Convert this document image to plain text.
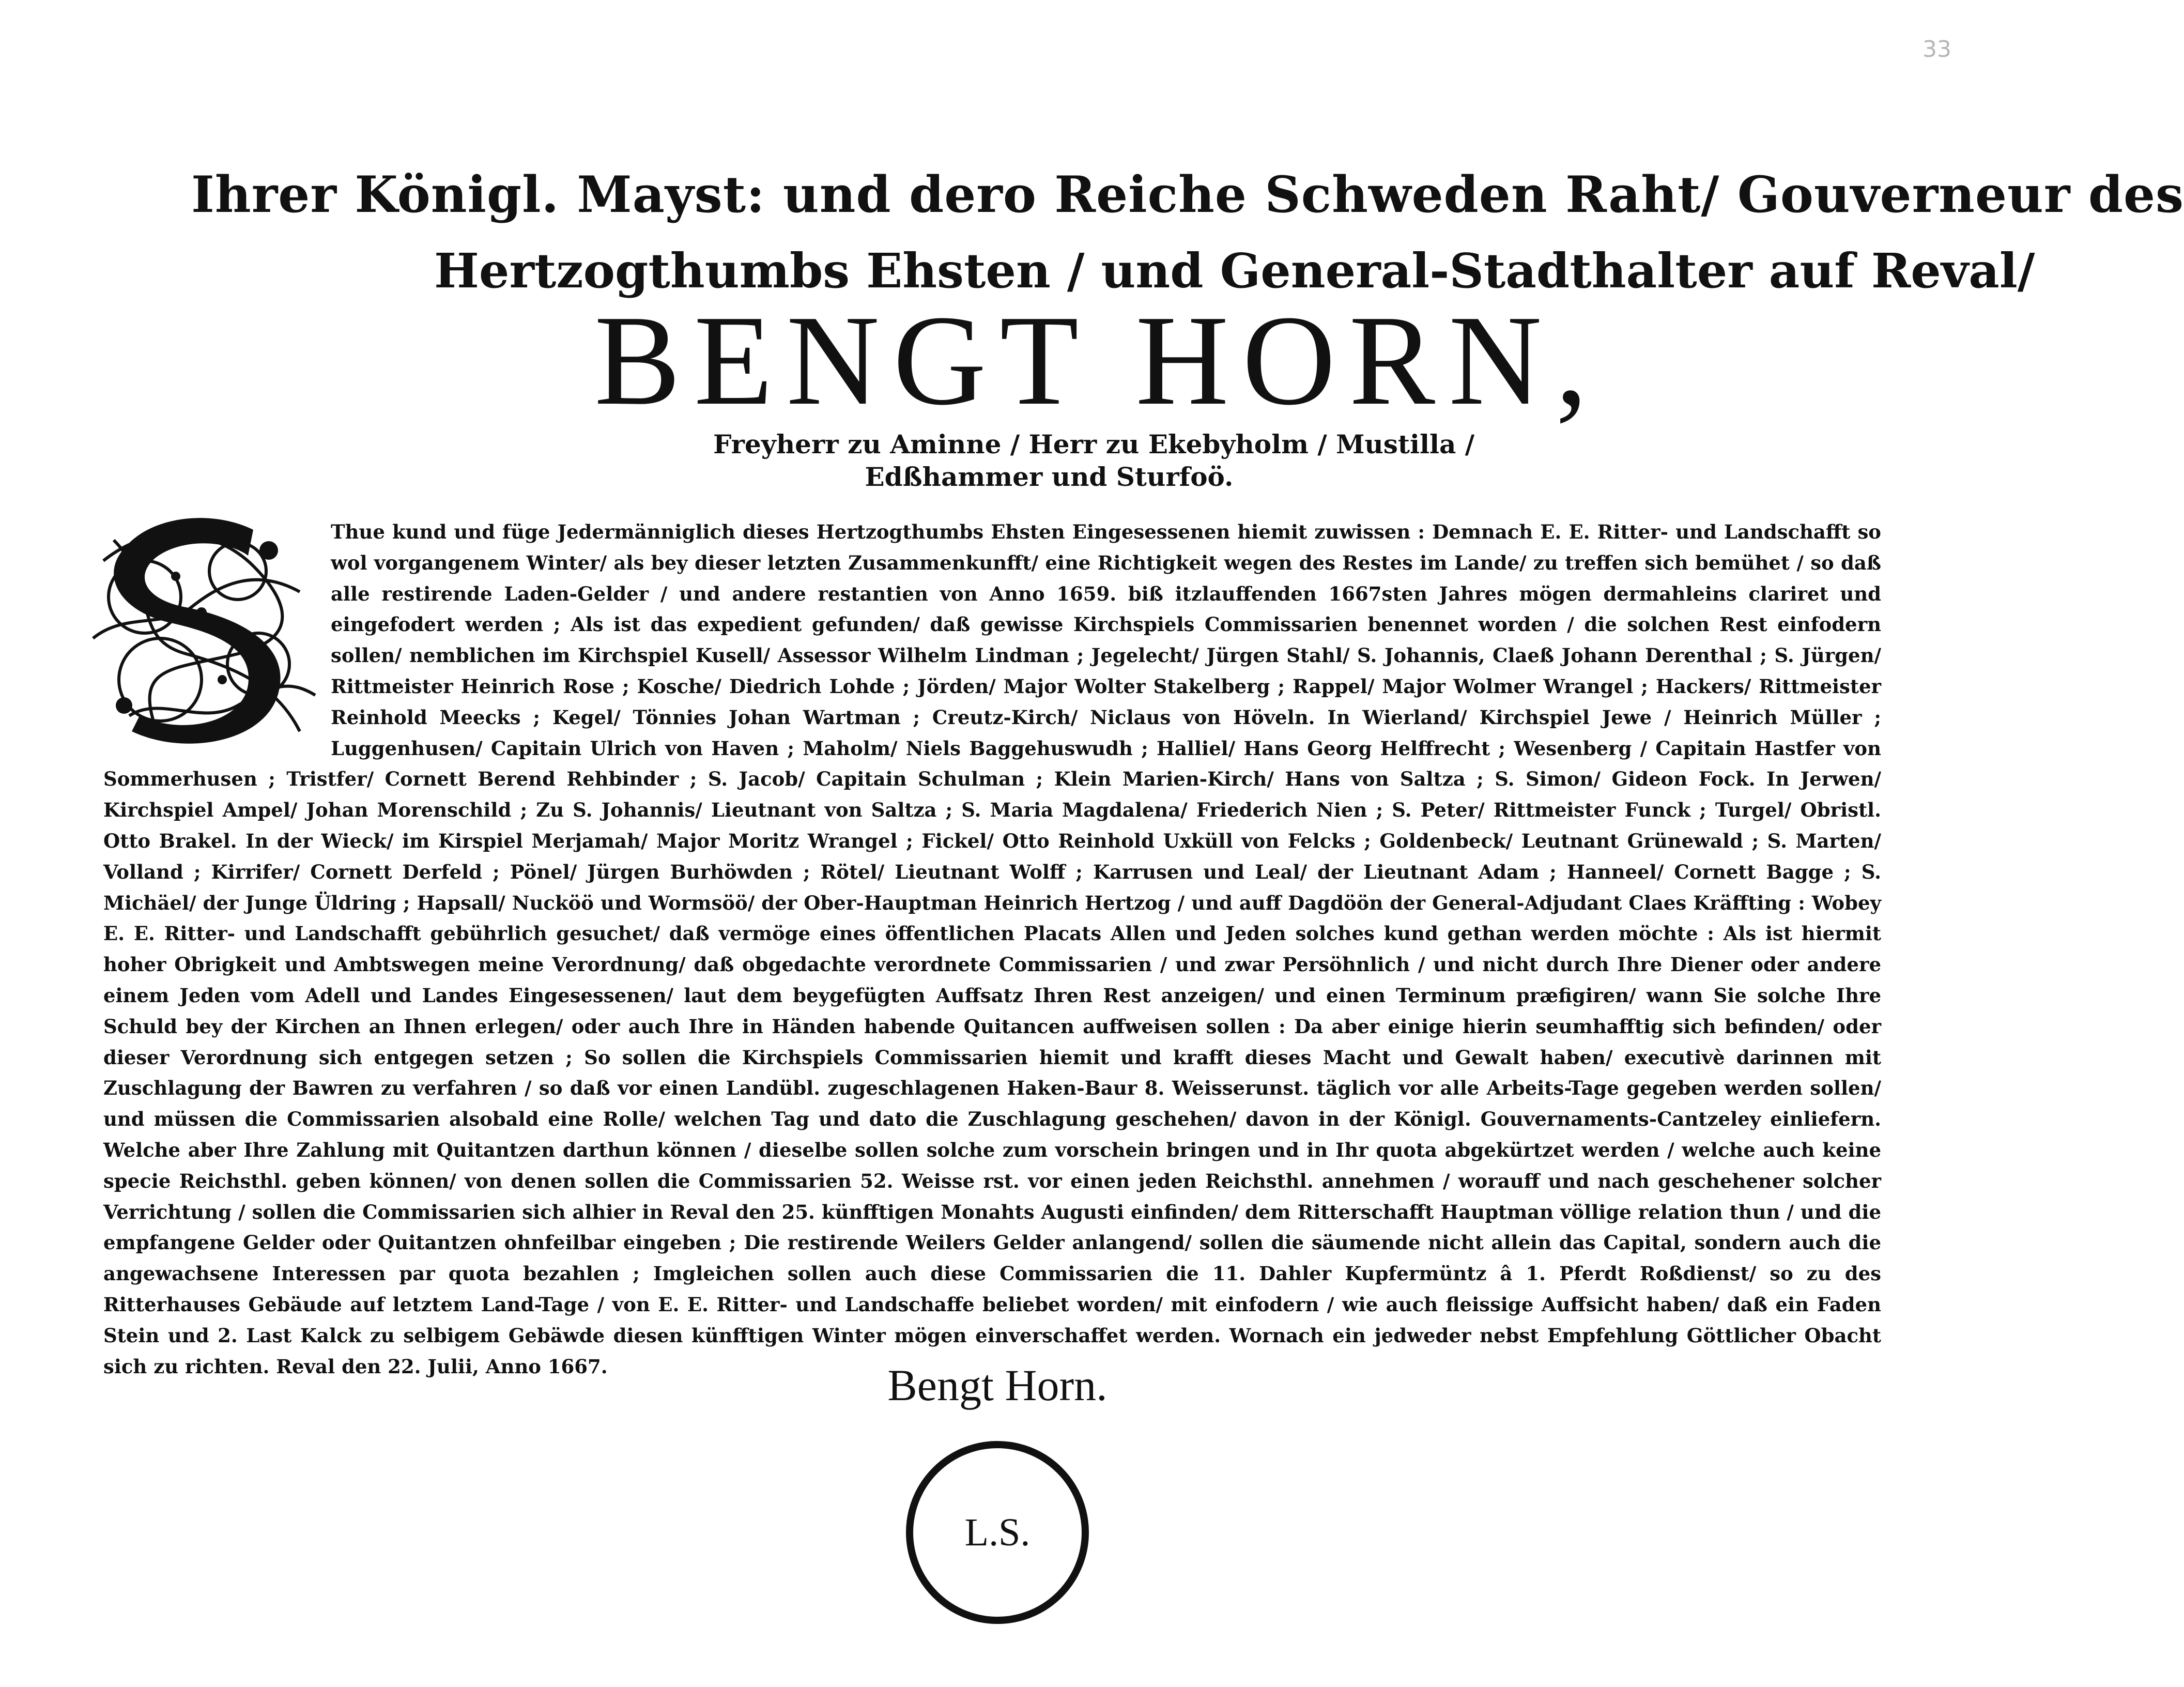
33
Ihrer Königl. Mayst: und dero Reiche Schweden Raht/ Gouverneur des
Hertzogthumbs Ehsten / und General-Stadthalter auf Reval/
BENGT HORN,
Freyherr zu Aminne / Herr zu Ekebyholm / Mustilla /
Edßhammer und Sturfoö.
Thue kund und füge Jedermänniglich dieses Hertzogthumbs Ehsten Eingesessenen hiemit zuwissen : Demnach E. E. Ritter- und Landschafft so wol vorgangenem Winter/ als bey dieser letzten Zusammenkunfft/ eine Richtigkeit wegen des Restes im Lande/ zu treffen sich bemühet / so daß alle restirende Laden-Gelder / und andere restantien von Anno 1659. biß itzlauffenden 1667sten Jahres mögen dermahleins clariret und eingefodert werden ; Als ist das expedient gefunden/ daß gewisse Kirchspiels Commissarien benennet worden / die solchen Rest einfodern sollen/ nemblichen im Kirchspiel Kusell/ Assessor Wilhelm Lindman ; Jegelecht/ Jürgen Stahl/ S. Johannis, Claeß Johann Derenthal ; S. Jürgen/ Rittmeister Heinrich Rose ; Kosche/ Diedrich Lohde ; Jörden/ Major Wolter Stakelberg ; Rappel/ Major Wolmer Wrangel ; Hackers/ Rittmeister Reinhold Meecks ; Kegel/ Tönnies Johan Wartman ; Creutz-Kirch/ Niclaus von Höveln. In Wierland/ Kirchspiel Jewe / Heinrich Müller ; Luggenhusen/ Capitain Ulrich von Haven ; Maholm/ Niels Baggehuswudh ; Halliel/ Hans Georg Helffrecht ; Wesenberg / Capitain Hastfer von Sommerhusen ; Tristfer/ Cornett Berend Rehbinder ; S. Jacob/ Capitain Schulman ; Klein Marien-Kirch/ Hans von Saltza ; S. Simon/ Gideon Fock. In Jerwen/ Kirchspiel Ampel/ Johan Morenschild ; Zu S. Johannis/ Lieutnant von Saltza ; S. Maria Magdalena/ Friederich Nien ; S. Peter/ Rittmeister Funck ; Turgel/ Obristl. Otto Brakel. In der Wieck/ im Kirspiel Merjamah/ Major Moritz Wrangel ; Fickel/ Otto Reinhold Uxküll von Felcks ; Goldenbeck/ Leutnant Grünewald ; S. Marten/ Volland ; Kirrifer/ Cornett Derfeld ; Pönel/ Jürgen Burhöwden ; Rötel/ Lieutnant Wolff ; Karrusen und Leal/ der Lieutnant Adam ; Hanneel/ Cornett Bagge ; S. Michäel/ der Junge Üldring ; Hapsall/ Nucköö und Wormsöö/ der Ober-Hauptman Heinrich Hertzog / und auff Dagdöön der General-Adjudant Claes Kräffting : Wobey E. E. Ritter- und Landschafft gebührlich gesuchet/ daß vermöge eines öffentlichen Placats Allen und Jeden solches kund gethan werden möchte : Als ist hiermit hoher Obrigkeit und Ambtswegen meine Verordnung/ daß obgedachte verordnete Commissarien / und zwar Persöhnlich / und nicht durch Ihre Diener oder andere einem Jeden vom Adell und Landes Eingesessenen/ laut dem beygefügten Auffsatz Ihren Rest anzeigen/ und einen Terminum præfigiren/ wann Sie solche Ihre Schuld bey der Kirchen an Ihnen erlegen/ oder auch Ihre in Händen habende Quitancen auffweisen sollen : Da aber einige hierin seumhafftig sich befinden/ oder dieser Verordnung sich entgegen setzen ; So sollen die Kirchspiels Commissarien hiemit und krafft dieses Macht und Gewalt haben/ executivè darinnen mit Zuschlagung der Bawren zu verfahren / so daß vor einen Landübl. zugeschlagenen Haken-Baur 8. Weisserunst. täglich vor alle Arbeits-Tage gegeben werden sollen/ und müssen die Commissarien alsobald eine Rolle/ welchen Tag und dato die Zuschlagung geschehen/ davon in der Königl. Gouvernaments-Cantzeley einliefern. Welche aber Ihre Zahlung mit Quitantzen darthun können / dieselbe sollen solche zum vorschein bringen und in Ihr quota abgekürtzet werden / welche auch keine specie Reichsthl. geben können/ von denen sollen die Commissarien 52. Weisse rst. vor einen jeden Reichsthl. annehmen / worauff und nach geschehener solcher Verrichtung / sollen die Commissarien sich alhier in Reval den 25. künfftigen Monahts Augusti einfinden/ dem Ritterschafft Hauptman völlige relation thun / und die empfangene Gelder oder Quitantzen ohnfeilbar eingeben ; Die restirende Weilers Gelder anlangend/ sollen die säumende nicht allein das Capital, sondern auch die angewachsene Interessen par quota bezahlen ; Imgleichen sollen auch diese Commissarien die 11. Dahler Kupfermüntz â 1. Pferdt Roßdienst/ so zu des Ritterhauses Gebäude auf letztem Land-Tage / von E. E. Ritter- und Landschaffe beliebet worden/ mit einfodern / wie auch fleissige Auffsicht haben/ daß ein Faden Stein und 2. Last Kalck zu selbigem Gebäwde diesen künfftigen Winter mögen einverschaffet werden. Wornach ein jedweder nebst Empfehlung Göttlicher Obacht sich zu richten. Reval den 22. Julii, Anno 1667.	Bengt Horn.
L.S.
